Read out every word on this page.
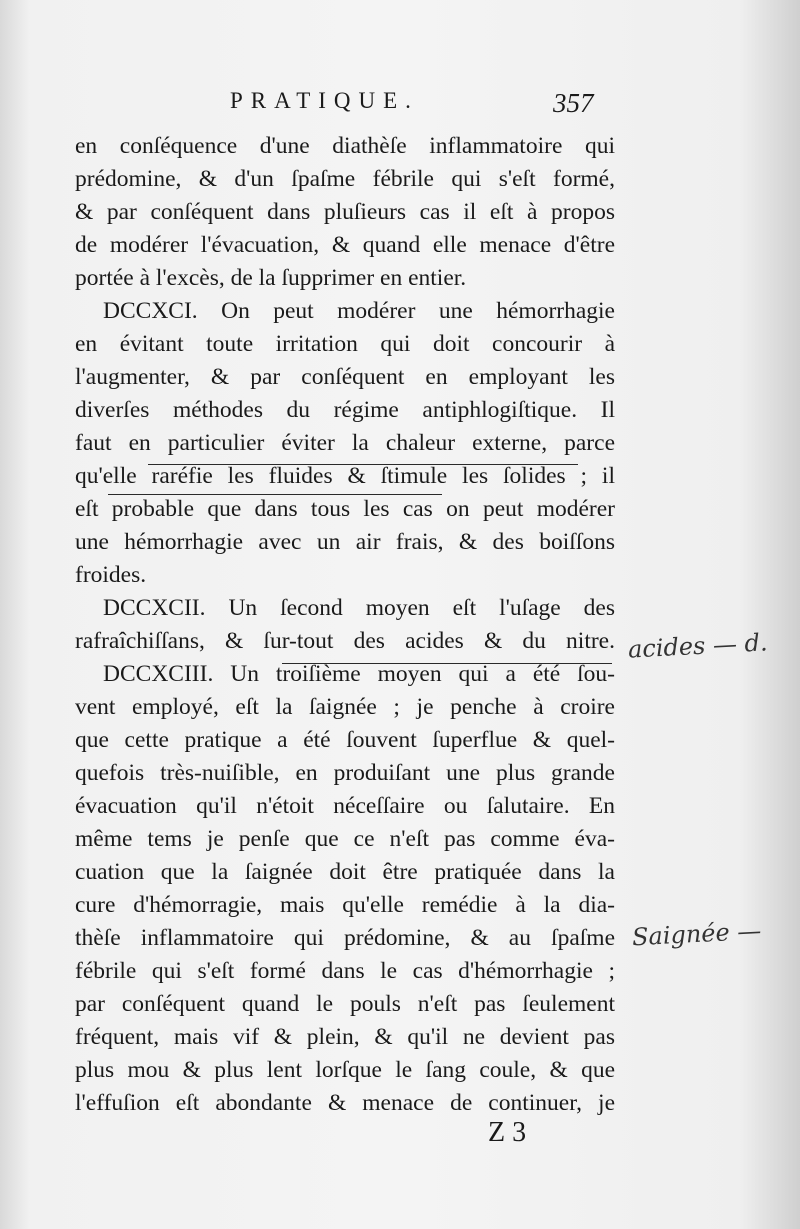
PRATIQUE.	357
en conſéquence d'une diathèſe inflammatoire qui
prédomine, & d'un ſpaſme fébrile qui s'eſt formé,
& par conſéquent dans pluſieurs cas il eſt à propos
de modérer l'évacuation, & quand elle menace d'être
portée à l'excès, de la ſupprimer en entier.
DCCXCI. On peut modérer une hémorrhagie
en évitant toute irritation qui doit concourir à
l'augmenter, & par conſéquent en employant les
diverſes méthodes du régime antiphlogiſtique. Il
faut en particulier éviter la chaleur externe, parce
qu'elle raréfie les fluides & ſtimule les ſolides ; il
eſt probable que dans tous les cas on peut modérer
une hémorrhagie avec un air frais, & des boiſſons
froides.
DCCXCII. Un ſecond moyen eſt l'uſage des
rafraîchiſſans, & ſur-tout des acides & du nitre.
DCCXCIII. Un troiſième moyen qui a été ſou-
vent employé, eſt la ſaignée ; je penche à croire
que cette pratique a été ſouvent ſuperflue & quel-
quefois très-nuiſible, en produiſant une plus grande
évacuation qu'il n'étoit néceſſaire ou ſalutaire. En
même tems je penſe que ce n'eſt pas comme éva-
cuation que la ſaignée doit être pratiquée dans la
cure d'hémorragie, mais qu'elle remédie à la dia-
thèſe inflammatoire qui prédomine, & au ſpaſme
fébrile qui s'eſt formé dans le cas d'hémorrhagie ;
par conſéquent quand le pouls n'eſt pas ſeulement
fréquent, mais vif & plein, & qu'il ne devient pas
plus mou & plus lent lorſque le ſang coule, & que
l'effuſion eſt abondante & menace de continuer, je
acides — d.
Saignée —
Z 3
